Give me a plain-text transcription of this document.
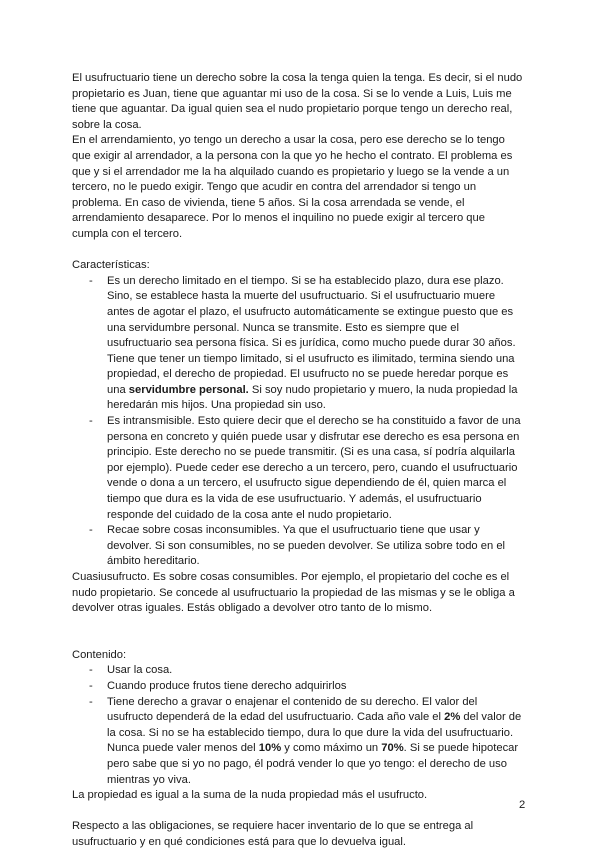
El usufructuario tiene un derecho sobre la cosa la tenga quien la tenga. Es decir, si el nudo propietario es Juan, tiene que aguantar mi uso de la cosa. Si se lo vende a Luis, Luis me tiene que aguantar. Da igual quien sea el nudo propietario porque tengo un derecho real, sobre la cosa.

En el arrendamiento, yo tengo un derecho a usar la cosa, pero ese derecho se lo tengo que exigir al arrendador, a la persona con la que yo he hecho el contrato. El problema es que y si el arrendador me la ha alquilado cuando es propietario y luego se la vende a un tercero, no le puedo exigir. Tengo que acudir en contra del arrendador si tengo un problema. En caso de vivienda, tiene 5 años. Si la cosa arrendada se vende, el arrendamiento desaparece. Por lo menos el inquilino no puede exigir al tercero que cumpla con el tercero.

Características:

- Es un derecho limitado en el tiempo. Si se ha establecido plazo, dura ese plazo. Sino, se establece hasta la muerte del usufructuario. Si el usufructuario muere antes de agotar el plazo, el usufructo automáticamente se extingue puesto que es una servidumbre personal. Nunca se transmite. Esto es siempre que el usufructuario sea persona física. Si es jurídica, como mucho puede durar 30 años. Tiene que tener un tiempo limitado, si el usufructo es ilimitado, termina siendo una propiedad, el derecho de propiedad. El usufructo no se puede heredar porque es una servidumbre personal. Si soy nudo propietario y muero, la nuda propiedad la heredarán mis hijos. Una propiedad sin uso.
- Es intransmisible. Esto quiere decir que el derecho se ha constituido a favor de una persona en concreto y quién puede usar y disfrutar ese derecho es esa persona en principio. Este derecho no se puede transmitir. (Si es una casa, sí podría alquilarla por ejemplo). Puede ceder ese derecho a un tercero, pero, cuando el usufructuario vende o dona a un tercero, el usufructo sigue dependiendo de él, quien marca el tiempo que dura es la vida de ese usufructuario. Y además, el usufructuario responde del cuidado de la cosa ante el nudo propietario.
- Recae sobre cosas inconsumibles. Ya que el usufructuario tiene que usar y devolver. Si son consumibles, no se pueden devolver. Se utiliza sobre todo en el ámbito hereditario.

Cuasiusufructo. Es sobre cosas consumibles. Por ejemplo, el propietario del coche es el nudo propietario. Se concede al usufructuario la propiedad de las mismas y se le obliga a devolver otras iguales. Estás obligado a devolver otro tanto de lo mismo.

Contenido:

- Usar la cosa.
- Cuando produce frutos tiene derecho adquirirlos
- Tiene derecho a gravar o enajenar el contenido de su derecho. El valor del usufructo dependerá de la edad del usufructuario. Cada año vale el 2% del valor de la cosa. Si no se ha establecido tiempo, dura lo que dure la vida del usufructuario. Nunca puede valer menos del 10% y como máximo un 70%. Si se puede hipotecar pero sabe que si yo no pago, él podrá vender lo que yo tengo: el derecho de uso mientras yo viva.

La propiedad es igual a la suma de la nuda propiedad más el usufructo.

Respecto a las obligaciones, se requiere hacer inventario de lo que se entrega al usufructuario y en qué condiciones está para que lo devuelva igual.

2
